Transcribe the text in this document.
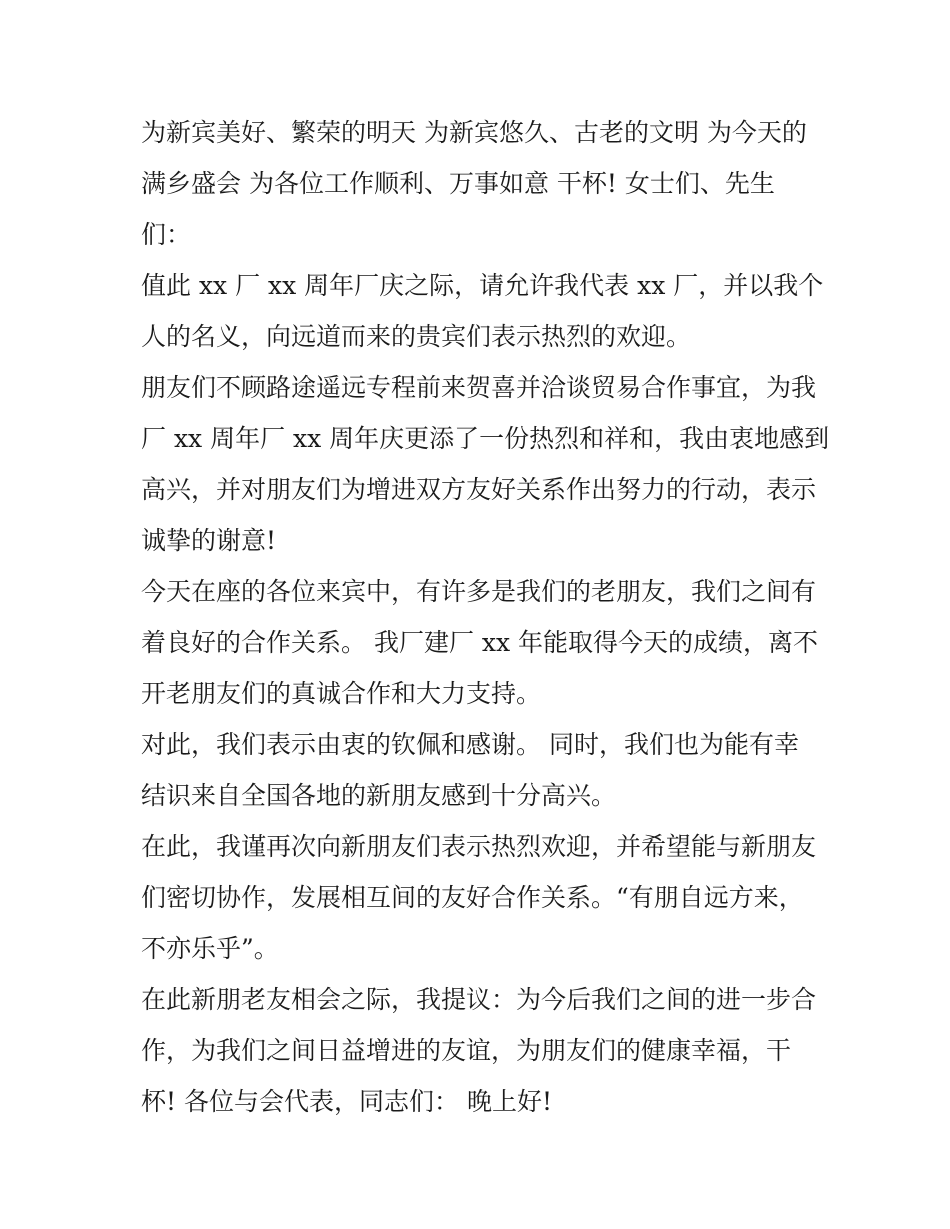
为新宾美好、繁荣的明天 为新宾悠久、古老的文明 为今天的
满乡盛会 为各位工作顺利、万事如意 干杯! 女士们、先生
们：
值此 xx 厂 xx 周年厂庆之际，请允许我代表 xx 厂，并以我个
人的名义，向远道而来的贵宾们表示热烈的欢迎。
朋友们不顾路途遥远专程前来贺喜并洽谈贸易合作事宜，为我
厂 xx 周年厂 xx 周年庆更添了一份热烈和祥和，我由衷地感到
高兴，并对朋友们为增进双方友好关系作出努力的行动，表示
诚挚的谢意!
今天在座的各位来宾中，有许多是我们的老朋友，我们之间有
着良好的合作关系。 我厂建厂 xx 年能取得今天的成绩，离不
开老朋友们的真诚合作和大力支持。
对此，我们表示由衷的钦佩和感谢。 同时，我们也为能有幸
结识来自全国各地的新朋友感到十分高兴。
在此，我谨再次向新朋友们表示热烈欢迎，并希望能与新朋友
们密切协作，发展相互间的友好合作关系。“有朋自远方来，
不亦乐乎”。
在此新朋老友相会之际，我提议：为今后我们之间的进一步合
作，为我们之间日益增进的友谊，为朋友们的健康幸福，干
杯! 各位与会代表，同志们： 晚上好!
